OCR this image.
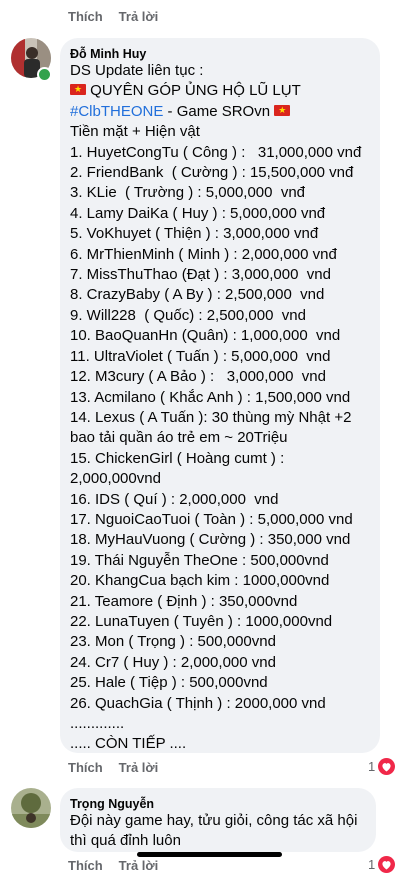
Thích Trả lời
Đỗ Minh Huy
DS Update liên tục :
★ QUYÊN GÓP ỦNG HỘ LŨ LỤT
#ClbTHEONE - Game SROvn  ★
Tiền mặt + Hiện vật
1. HuyetCongTu ( Công ) :   31,000,000 vnđ
2. FriendBank  ( Cường ) : 15,500,000 vnđ
3. KLie  ( Trường ) : 5,000,000  vnđ
4. Lamy DaiKa ( Huy ) : 5,000,000 vnđ
5. VoKhuyet ( Thiện ) : 3,000,000 vnđ
6. MrThienMinh ( Minh ) : 2,000,000 vnđ
7. MissThuThao (Đạt ) : 3,000,000  vnd
8. CrazyBaby ( A By ) : 2,500,000  vnd
9. Will228  ( Quốc) : 2,500,000  vnd
10. BaoQuanHn (Quân) : 1,000,000  vnd
11. UltraViolet ( Tuấn ) : 5,000,000  vnd
12. M3cury ( A Bảo ) :   3,000,000  vnd
13. Acmilano ( Khắc Anh ) : 1,500,000 vnd
14. Lexus ( A Tuấn ): 30 thùng mỳ Nhật +2
bao tải quần áo trẻ em ~ 20Triệu
15. ChickenGirl ( Hoàng cumt ) :
2,000,000vnd
16. IDS ( Quí ) : 2,000,000  vnd
17. NguoiCaoTuoi ( Toàn ) : 5,000,000 vnd
18. MyHauVuong ( Cường ) : 350,000 vnd
19. Thái Nguyễn TheOne : 500,000vnd
20. KhangCua bạch kim : 1000,000vnd
21. Teamore ( Định ) : 350,000vnd
22. LunaTuyen ( Tuyên ) : 1000,000vnd
23. Mon ( Trọng ) : 500,000vnd
24. Cr7 ( Huy ) : 2,000,000 vnd
25. Hale ( Tiệp ) : 500,000vnd
26. QuachGia ( Thịnh ) : 2000,000 vnd
.............
..... CÒN TIẾP ....
Thích Trả lời	1
Trọng Nguyễn
Đội này game hay, tửu giỏi, công tác xã hội
thì quá đỉnh luôn
Thích Trả lời	1
